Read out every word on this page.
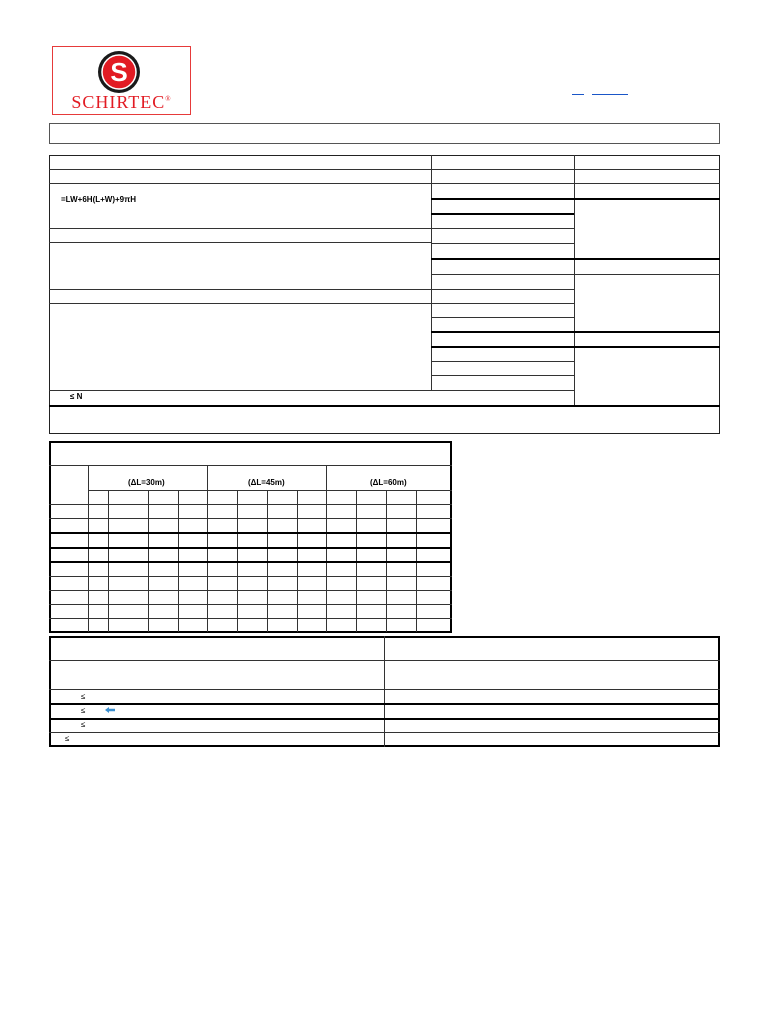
S
SCHIRTEC®
=LW+6H(L+W)+9πH
≤ N
(ΔL=30m)	(ΔL=45m)	(ΔL=60m)
≤
≤
≤
≤
